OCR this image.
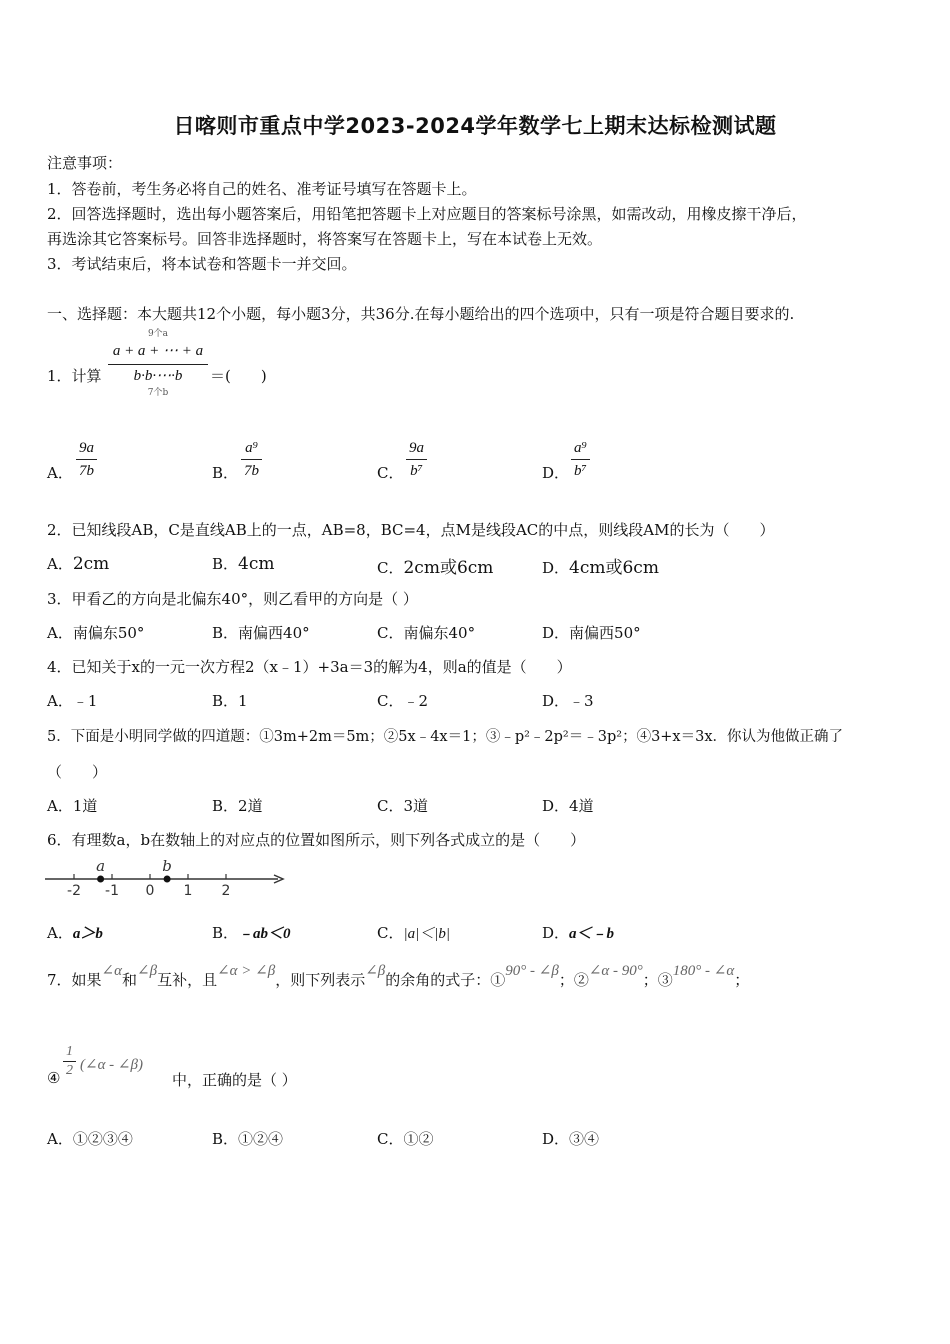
日喀则市重点中学2023-2024学年数学七上期末达标检测试题
注意事项：
1．答卷前，考生务必将自己的姓名、准考证号填写在答题卡上。
2．回答选择题时，选出每小题答案后，用铅笔把答题卡上对应题目的答案标号涂黑，如需改动，用橡皮擦干净后，
再选涂其它答案标号。回答非选择题时，将答案写在答题卡上，写在本试卷上无效。
3．考试结束后，将本试卷和答题卡一并交回。
一、选择题：本大题共12个小题，每小题3分，共36分.在每小题给出的四个选项中，只有一项是符合题目要求的.
1．计算
9个a
a + a + ⋯ + a
b·b·⋯·b
7个b
＝(　　)
A． $\frac{9a}{7b}$	B． $\frac{\text{a⁹}}{7b}$	C． $\frac{9a}{\text{b⁷}}$	D． $\frac{\text{a⁹}}{\text{b⁷}}$
2．已知线段AB，C是直线AB上的一点，AB=8，BC=4，点M是线段AC的中点，则线段AM的长为（　　）
A．2cm	B．4cm	C．2cm或6cm	D．4cm或6cm
3．甲看乙的方向是北偏东40°，则乙看甲的方向是（ ）
A．南偏东50°	B．南偏西40°	C．南偏东40°	D．南偏西50°
4．已知关于x的一元一次方程2（x﹣1）+3a＝3的解为4，则a的值是（　　）
A．﹣1	B．1	C．﹣2	D．﹣3
5．下面是小明同学做的四道题：①3m+2m＝5m；②5x﹣4x＝1；③﹣p²﹣2p²＝﹣3p²；④3+x＝3x．你认为他做正确了
（　　）
A．1道	B．2道	C．3道	D．4道
6．有理数a，b在数轴上的对应点的位置如图所示，则下列各式成立的是（　　）
-2 -1 0 1 2
a	b
A．a＞b	B．﹣ab＜0	C．|a|＜|b|	D．a＜﹣b
7．如果∠α和∠β互补，且∠α > ∠β，则下列表示∠β的余角的式子：①90° - ∠β；②∠α - 90°；③180° - ∠α；
④ $\frac{1}{2}$ (∠α - ∠β)
中，正确的是（ ）
A．①②③④	B．①②④	C．①②	D．③④
